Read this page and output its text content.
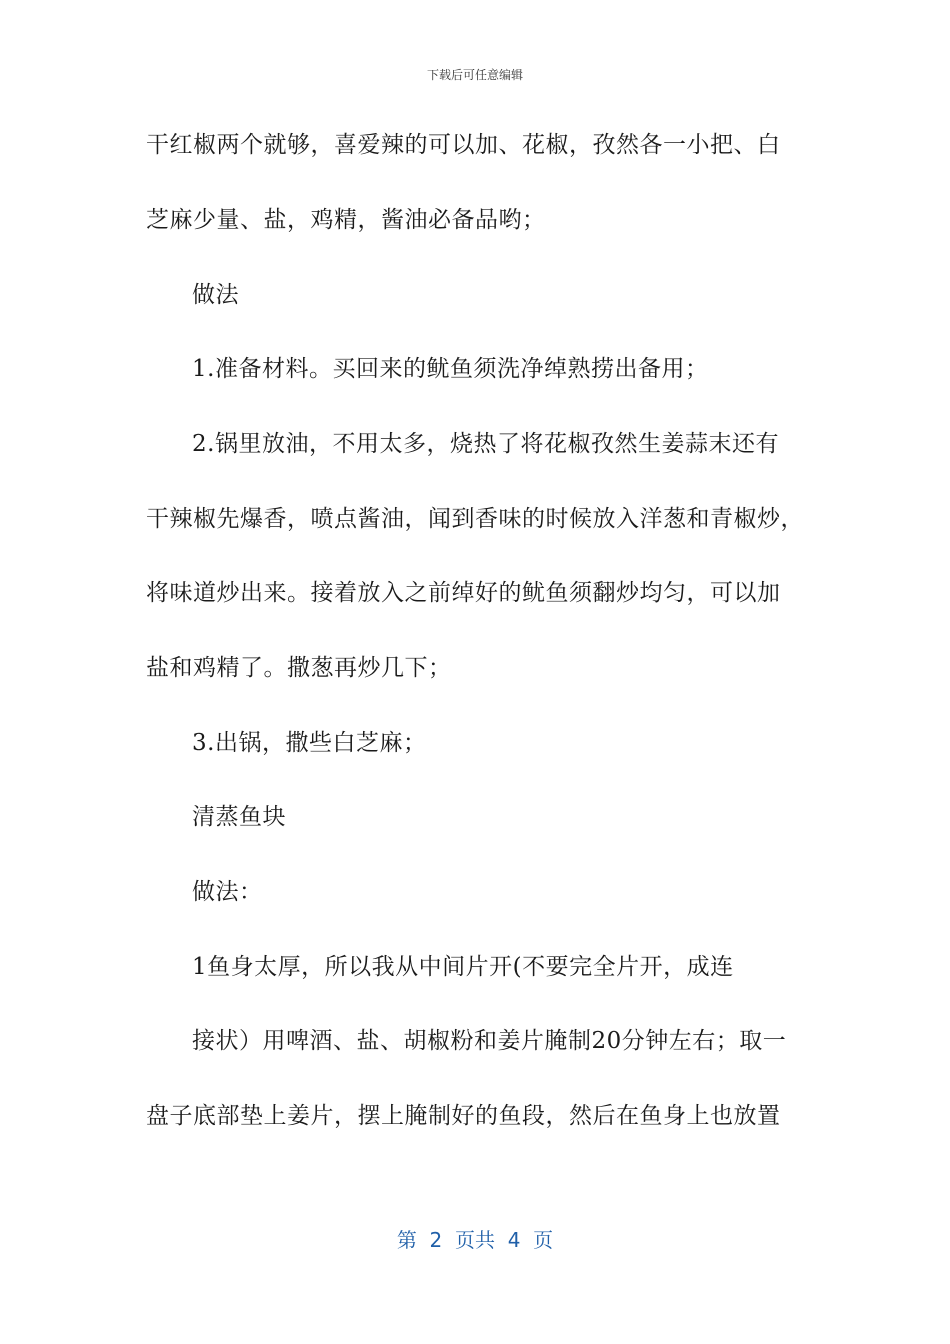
下载后可任意编辑
干红椒两个就够，喜爱辣的可以加、花椒，孜然各一小把、白
芝麻少量、盐，鸡精，酱油必备品哟；
做法
1.准备材料。买回来的鱿鱼须洗净绰熟捞出备用；
2.锅里放油，不用太多，烧热了将花椒孜然生姜蒜末还有
干辣椒先爆香，喷点酱油，闻到香味的时候放入洋葱和青椒炒，
将味道炒出来。接着放入之前绰好的鱿鱼须翻炒均匀，可以加
盐和鸡精了。撒葱再炒几下；
3.出锅，撒些白芝麻；
清蒸鱼块
做法：
1鱼身太厚，所以我从中间片开(不要完全片开，成连
接状）用啤酒、盐、胡椒粉和姜片腌制20分钟左右；取一
盘子底部垫上姜片，摆上腌制好的鱼段，然后在鱼身上也放置
第  2  页共  4  页
